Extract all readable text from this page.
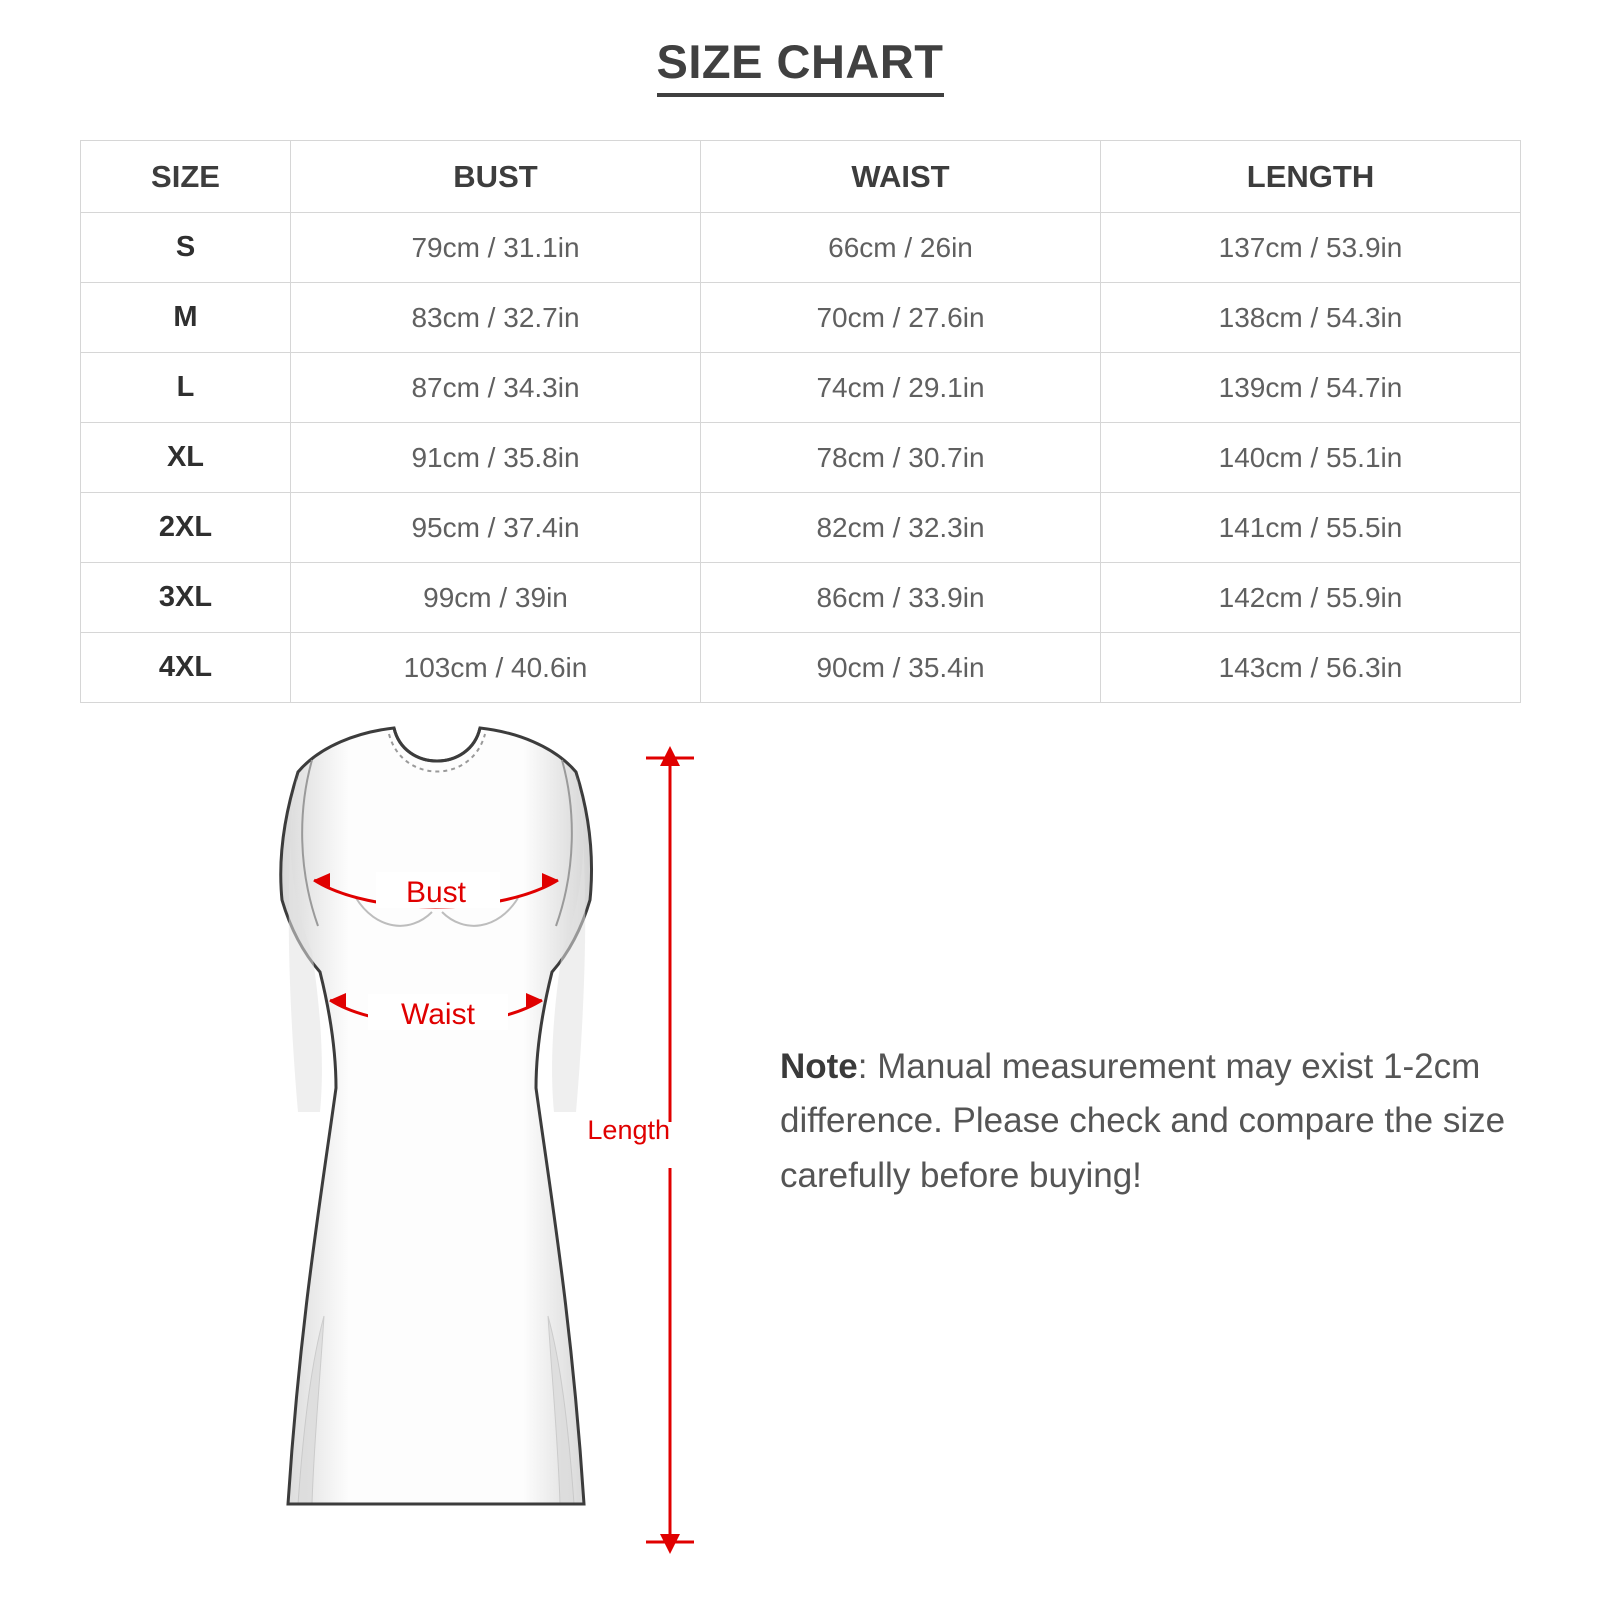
SIZE CHART
SIZE	BUST	WAIST	LENGTH
S	79cm / 31.1in	66cm / 26in	137cm / 53.9in
M	83cm / 32.7in	70cm / 27.6in	138cm / 54.3in
L	87cm / 34.3in	74cm / 29.1in	139cm / 54.7in
XL	91cm / 35.8in	78cm / 30.7in	140cm / 55.1in
2XL	95cm / 37.4in	82cm / 32.3in	141cm / 55.5in
3XL	99cm / 39in	86cm / 33.9in	142cm / 55.9in
4XL	103cm / 40.6in	90cm / 35.4in	143cm / 56.3in
Bust
Waist
Length
Note: Manual measurement may exist 1-2cm difference. Please check and compare the size carefully before buying!
